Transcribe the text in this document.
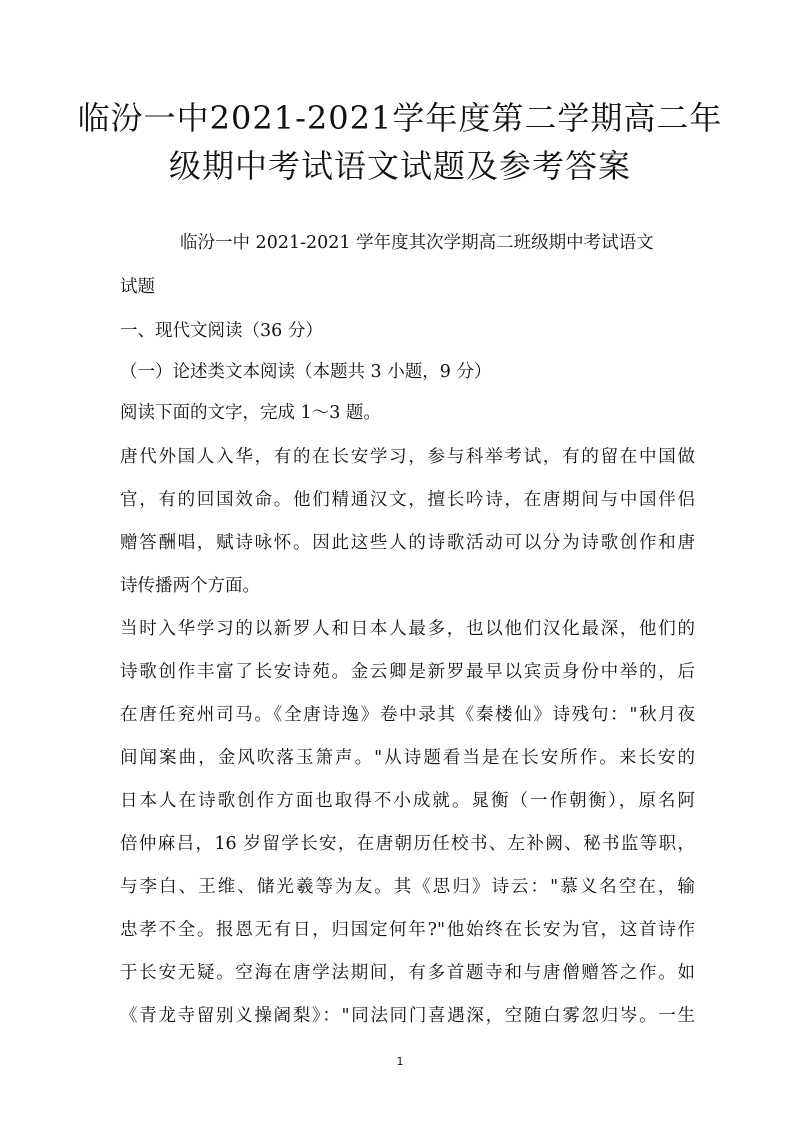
临汾一中2021-2021学年度第二学期高二年
级期中考试语文试题及参考答案

临汾一中 2021-2021 学年度其次学期高二班级期中考试语文

试题

一、现代文阅读（36 分）

（一）论述类文本阅读（本题共 3 小题，9 分）

阅读下面的文字，完成 1～3 题。

唐代外国人入华，有的在长安学习，参与科举考试，有的留在中国做

官，有的回国效命。他们精通汉文，擅长吟诗，在唐期间与中国伴侣

赠答酬唱，赋诗咏怀。因此这些人的诗歌活动可以分为诗歌创作和唐

诗传播两个方面。

当时入华学习的以新罗人和日本人最多，也以他们汉化最深，他们的

诗歌创作丰富了长安诗苑。金云卿是新罗最早以宾贡身份中举的，后

在唐任兖州司马。《全唐诗逸》卷中录其《秦楼仙》诗残句："秋月夜

间闻案曲，金风吹落玉箫声。"从诗题看当是在长安所作。来长安的

日本人在诗歌创作方面也取得不小成就。晁衡（一作朝衡），原名阿

倍仲麻吕，16 岁留学长安，在唐朝历任校书、左补阙、秘书监等职，

与李白、王维、储光羲等为友。其《思归》诗云："慕义名空在，输

忠孝不全。报恩无有日，归国定何年?"他始终在长安为官，这首诗作

于长安无疑。空海在唐学法期间，有多首题寺和与唐僧赠答之作。如

《青龙寺留别义操阇梨》："同法同门喜遇深，空随白雾忽归岑。一生

1
